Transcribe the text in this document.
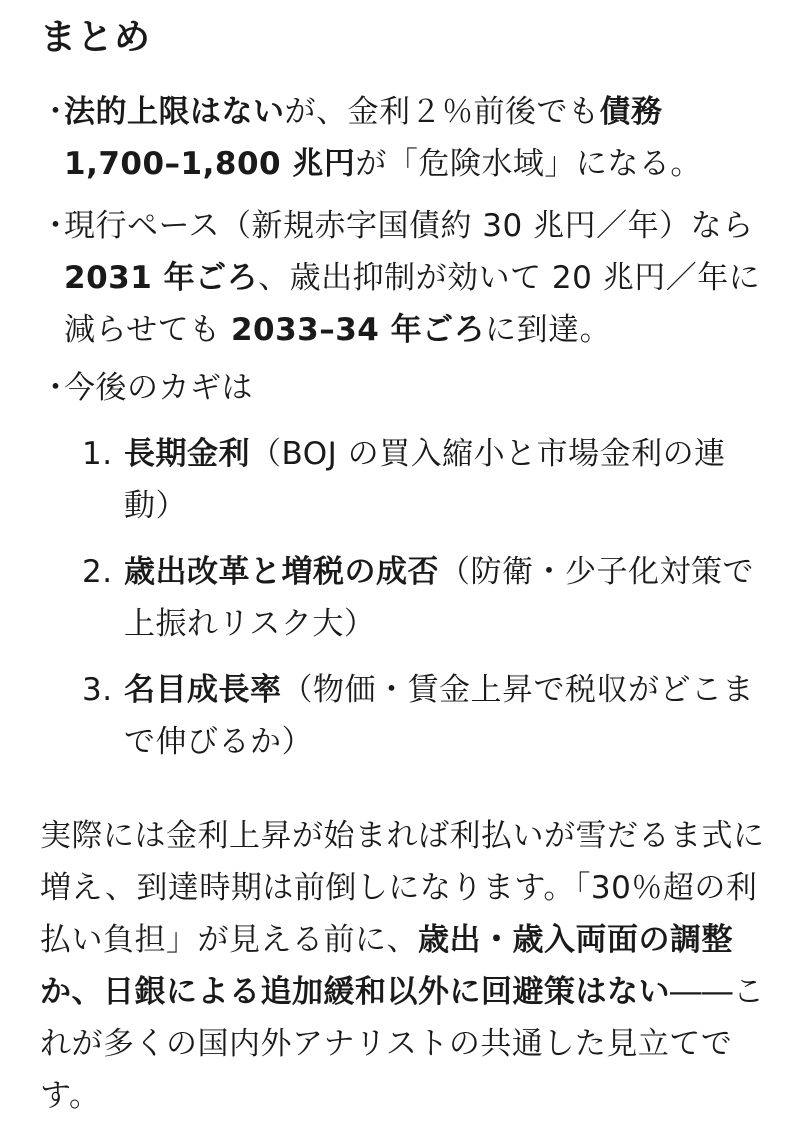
まとめ
・
法的上限はないが、金利２％前後でも債務 1,700–1,800 兆円が「危険水域」になる。
・
現行ペース（新規赤字国債約 30 兆円／年）なら 2031 年ごろ、歳出抑制が効いて 20 兆円／年に減らせても 2033–34 年ごろに到達。
・
今後のカギは
1. 長期金利（BOJ の買入縮小と市場金利の連動）
2. 歳出改革と増税の成否（防衛・少子化対策で上振れリスク大）
3. 名目成長率（物価・賃金上昇で税収がどこまで伸びるか）
実際には金利上昇が始まれば利払いが雪だるま式に増え、到達時期は前倒しになります。「30％超の利払い負担」が見える前に、歳出・歳入両面の調整か、日銀による追加緩和以外に回避策はない――これが多くの国内外アナリストの共通した見立てです。
